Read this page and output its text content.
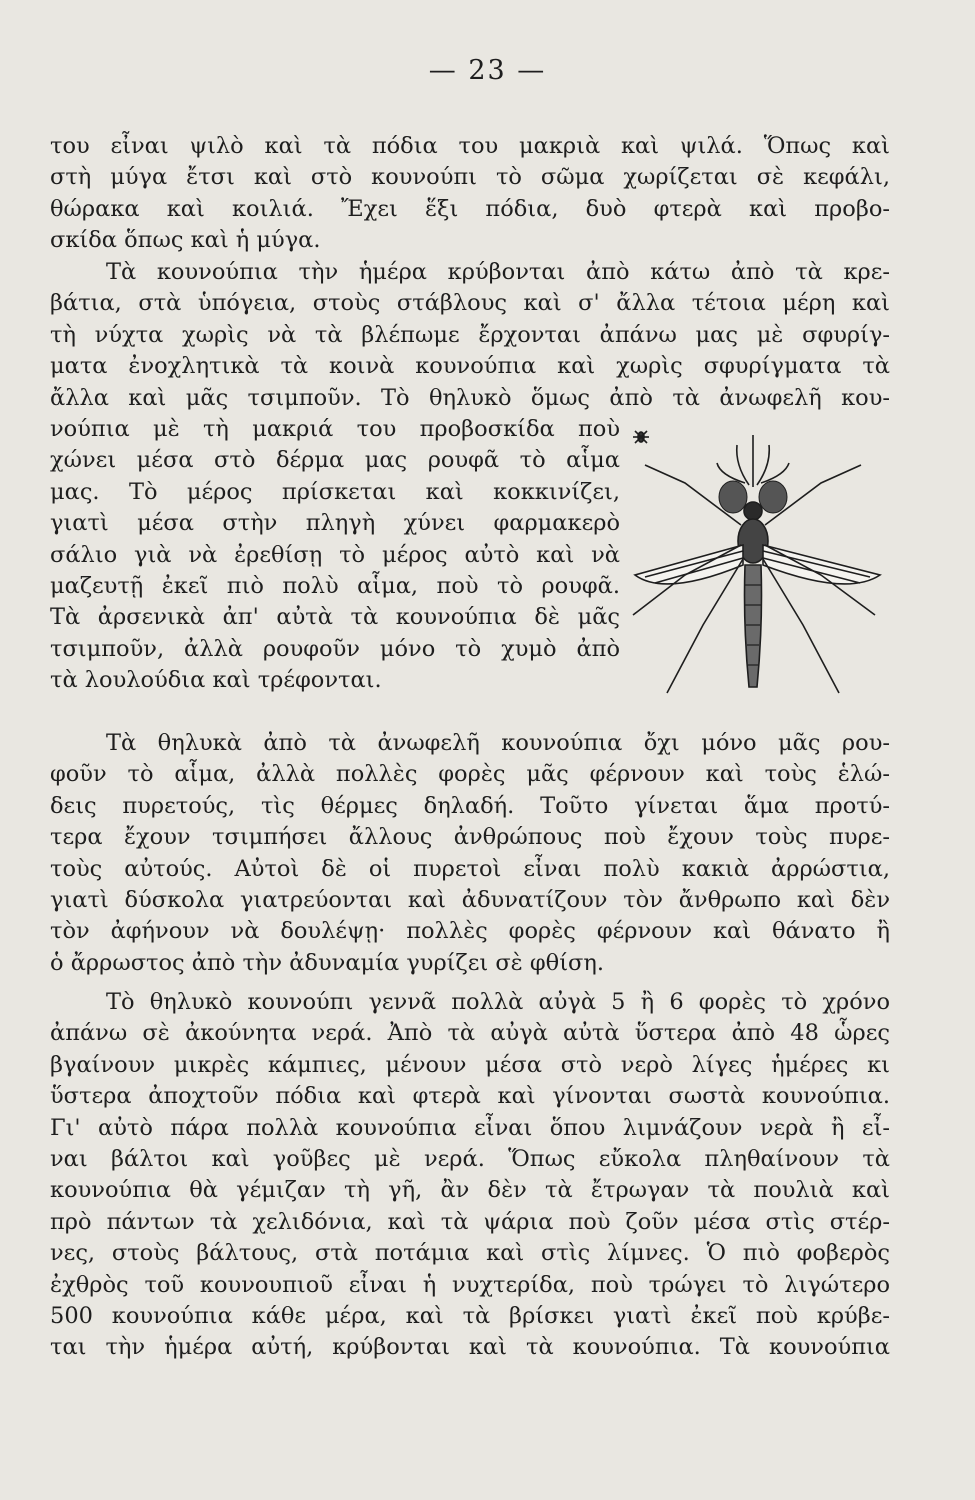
— 23 —
του εἶναι ψιλὸ καὶ τὰ πόδια του μακριὰ καὶ ψιλά. Ὅπως καὶ
στὴ μύγα ἔτσι καὶ στὸ κουνούπι τὸ σῶμα χωρίζεται σὲ κεφάλι,
θώρακα καὶ κοιλιά. Ἔχει ἕξι πόδια, δυὸ φτερὰ καὶ προβο-
σκίδα ὅπως καὶ ἡ μύγα.
Τὰ κουνούπια τὴν ἡμέρα κρύβονται ἀπὸ κάτω ἀπὸ τὰ κρε-
βάτια, στὰ ὑπόγεια, στοὺς στάβλους καὶ σ' ἄλλα τέτοια μέρη καὶ
τὴ νύχτα χωρὶς νὰ τὰ βλέπωμε ἔρχονται ἀπάνω μας μὲ σφυρίγ-
ματα ἐνοχλητικὰ τὰ κοινὰ κουνούπια καὶ χωρὶς σφυρίγματα τὰ
ἄλλα καὶ μᾶς τσιμποῦν. Τὸ θηλυκὸ ὅμως ἀπὸ τὰ ἀνωφελῆ κου-
νούπια μὲ τὴ μακριά του προβοσκίδα ποὺ
χώνει μέσα στὸ δέρμα μας ρουφᾶ τὸ αἷμα
μας. Τὸ μέρος πρίσκεται καὶ κοκκινίζει,
γιατὶ μέσα στὴν πληγὴ χύνει φαρμακερὸ
σάλιο γιὰ νὰ ἐρεθίσῃ τὸ μέρος αὐτὸ καὶ νὰ
μαζευτῇ ἐκεῖ πιὸ πολὺ αἷμα, ποὺ τὸ ρουφᾶ.
Τὰ ἀρσενικὰ ἀπ' αὐτὰ τὰ κουνούπια δὲ μᾶς
τσιμποῦν, ἀλλὰ ρουφοῦν μόνο τὸ χυμὸ ἀπὸ
τὰ λουλούδια καὶ τρέφονται.
Τὰ θηλυκὰ ἀπὸ τὰ ἀνωφελῆ κουνούπια ὄχι μόνο μᾶς ρου-
φοῦν τὸ αἷμα, ἀλλὰ πολλὲς φορὲς μᾶς φέρνουν καὶ τοὺς ἑλώ-
δεις πυρετούς, τὶς θέρμες δηλαδή. Τοῦτο γίνεται ἅμα προτύ-
τερα ἔχουν τσιμπήσει ἄλλους ἀνθρώπους ποὺ ἔχουν τοὺς πυρε-
τοὺς αὐτούς. Αὐτοὶ δὲ οἱ πυρετοὶ εἶναι πολὺ κακιὰ ἀρρώστια,
γιατὶ δύσκολα γιατρεύονται καὶ ἀδυνατίζουν τὸν ἄνθρωπο καὶ δὲν
τὸν ἀφήνουν νὰ δουλέψῃ· πολλὲς φορὲς φέρνουν καὶ θάνατο ἢ
ὁ ἄρρωστος ἀπὸ τὴν ἀδυναμία γυρίζει σὲ φθίση.
Τὸ θηλυκὸ κουνούπι γεννᾶ πολλὰ αὐγὰ 5 ἢ 6 φορὲς τὸ χρόνο
ἀπάνω σὲ ἀκούνητα νερά. Ἀπὸ τὰ αὐγὰ αὐτὰ ὕστερα ἀπὸ 48 ὧρες
βγαίνουν μικρὲς κάμπιες, μένουν μέσα στὸ νερὸ λίγες ἡμέρες κι
ὕστερα ἀποχτοῦν πόδια καὶ φτερὰ καὶ γίνονται σωστὰ κουνούπια.
Γι' αὐτὸ πάρα πολλὰ κουνούπια εἶναι ὅπου λιμνάζουν νερὰ ἢ εἶ-
ναι βάλτοι καὶ γοῦβες μὲ νερά. Ὅπως εὔκολα πληθαίνουν τὰ
κουνούπια θὰ γέμιζαν τὴ γῆ, ἂν δὲν τὰ ἔτρωγαν τὰ πουλιὰ καὶ
πρὸ πάντων τὰ χελιδόνια, καὶ τὰ ψάρια ποὺ ζοῦν μέσα στὶς στέρ-
νες, στοὺς βάλτους, στὰ ποτάμια καὶ στὶς λίμνες. Ὁ πιὸ φοβερὸς
ἐχθρὸς τοῦ κουνουπιοῦ εἶναι ἡ νυχτερίδα, ποὺ τρώγει τὸ λιγώτερο
500 κουνούπια κάθε μέρα, καὶ τὰ βρίσκει γιατὶ ἐκεῖ ποὺ κρύβε-
ται τὴν ἡμέρα αὐτή, κρύβονται καὶ τὰ κουνούπια. Τὰ κουνούπια
